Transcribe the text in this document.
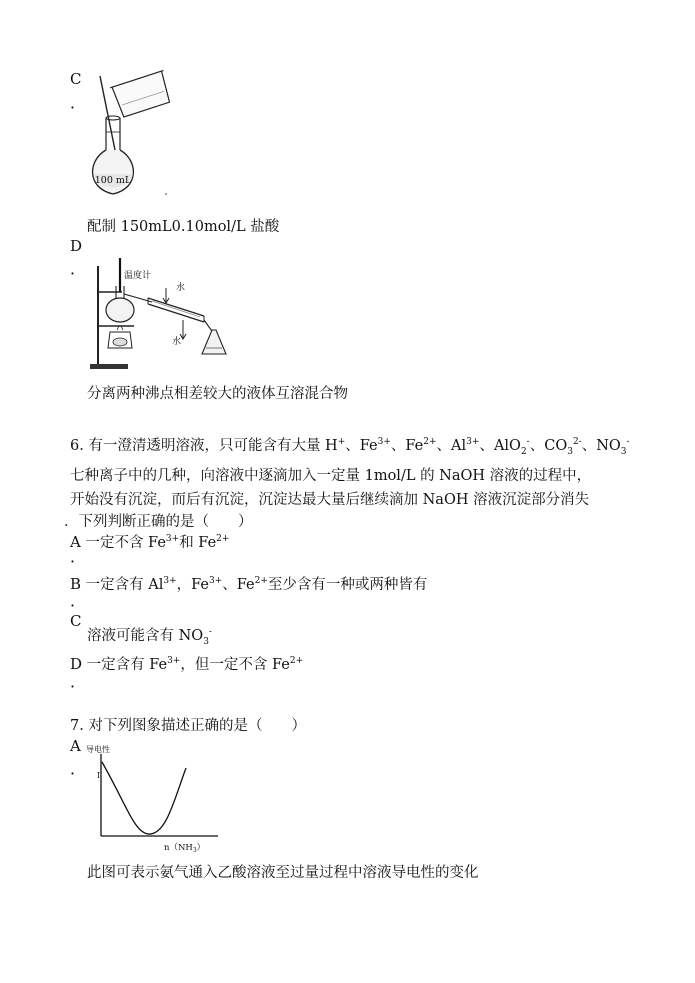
C
．
100 mL
配制 150mL0.10mol/L 盐酸
D
．	温度计
水
水
分离两种沸点相差较大的液体互溶混合物
6. 有一澄清透明溶液，只可能含有大量 H+、$Fe^{3+}$、$Fe^{2+}$、$Al^{3+}$、AlO$_2$-、$CO_3^{2-}$、$NO_3^-$
七种离子中的几种，向溶液中逐滴加入一定量 1mol/L 的 NaOH 溶液的过程中，
开始没有沉淀，而后有沉淀，沉淀达最大量后继续滴加 NaOH 溶液沉淀部分消失
．下列判断正确的是（　　）
A 一定不含 $Fe^{3+}$和 $Fe^{2+}$
．
B 一定含有 $Al^{3+}$，$Fe^{3+}$、$Fe^{2+}$至少含有一种或两种皆有
．
C
溶液可能含有 $NO_3^-$
D 一定含有 $Fe^{3+}$，但一定不含 $Fe^{2+}$
．
7. 对下列图象描述正确的是（　　）
A
．
导电性
I
$n(NH_3)$
此图可表示氨气通入乙酸溶液至过量过程中溶液导电性的变化
